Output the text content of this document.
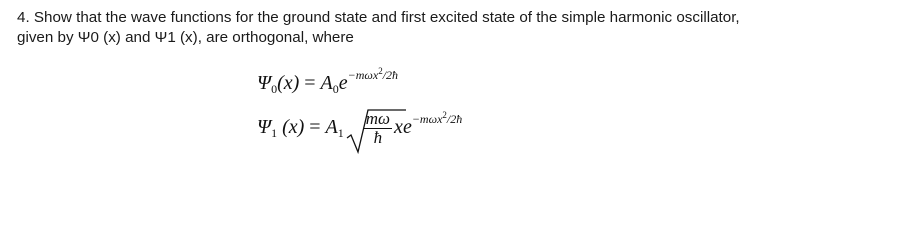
4. Show that the wave functions for the ground state and first excited state of the simple harmonic oscillator,
given by Ψ0 (x) and Ψ1 (x), are orthogonal, where
$\Psi_0(x) = A_0e^{-m\omega x^2/2ħ}$
$\Psi_1$ $(x) = A_1 \frac{m\omega}{ħ} xe^{-m\omega x^2/2ħ}$
